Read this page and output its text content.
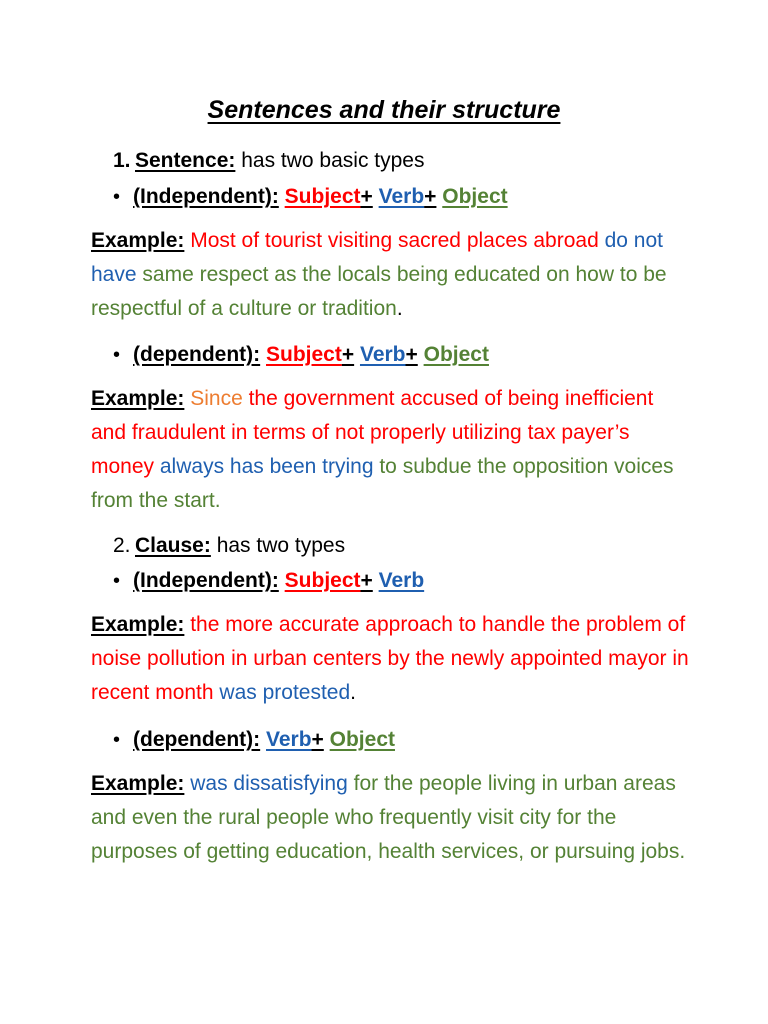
Sentences and their structure
1. Sentence: has two basic types
• (Independent): Subject+ Verb+ Object
Example: Most of tourist visiting sacred places abroad do not have same respect as the locals being educated on how to be respectful of a culture or tradition.
• (dependent): Subject+ Verb+ Object
Example: Since the government accused of being inefficient and fraudulent in terms of not properly utilizing tax payer’s money always has been trying to subdue the opposition voices from the start.
2. Clause: has two types
• (Independent): Subject+ Verb
Example: the more accurate approach to handle the problem of noise pollution in urban centers by the newly appointed mayor in recent month was protested.
• (dependent): Verb+ Object
Example: was dissatisfying for the people living in urban areas and even the rural people who frequently visit city for the purposes of getting education, health services, or pursuing jobs.
